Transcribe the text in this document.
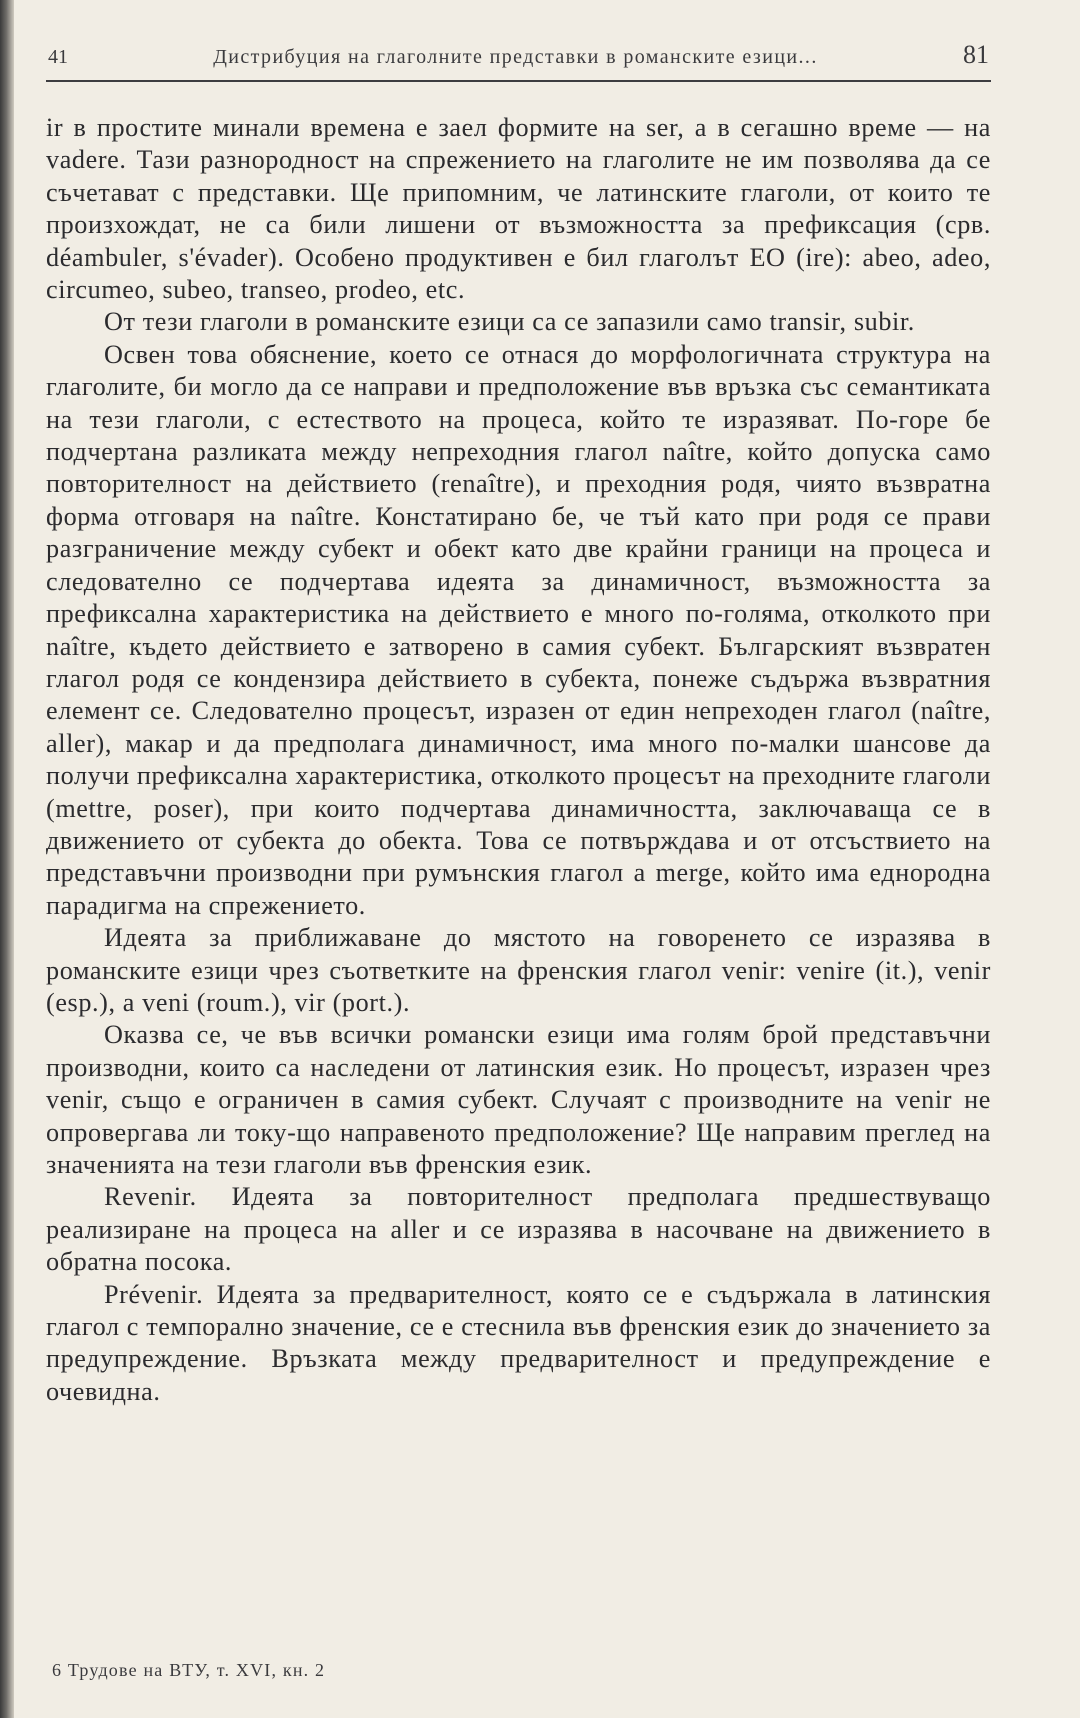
41	Дистрибуция на глаголните представки в романските езици...	81

ir в простите минали времена е заел формите на ser, а в сегашно време — на vadere. Тази разнородност на спрежението на глаголите не им позволява да се съчетават с представки. Ще припомним, че латинските глаголи, от които те произхождат, не са били лишени от възможността за префиксация (срв. déambuler, s'évader). Особено продуктивен е бил глаголът EO (ire): abeo, adeo, circumeo, subeo, transeo, prodeo, etc.

От тези глаголи в романските езици са се запазили само transir, subir.

Освен това обяснение, което се отнася до морфологичната структура на глаголите, би могло да се направи и предположение във връзка със семантиката на тези глаголи, с естеството на процеса, който те изразяват. По-горе бе подчертана разликата между непреходния глагол naître, който допуска само повторителност на действието (renaître), и преходния родя, чиято възвратна форма отговаря на naître. Констатирано бе, че тъй като при родя се прави разграничение между субект и обект като две крайни граници на процеса и следователно се подчертава идеята за динамичност, възможността за префиксална характеристика на действието е много по-голяма, отколкото при naître, където действието е затворено в самия субект. Българският възвратен глагол родя се кондензира действието в субекта, понеже съдържа възвратния елемент се. Следователно процесът, изразен от един непреходен глагол (naître, aller), макар и да предполага динамичност, има много по-малки шансове да получи префиксална характеристика, отколкото процесът на преходните глаголи (mettre, poser), при които подчертава динамичността, заключаваща се в движението от субекта до обекта. Това се потвърждава и от отсъствието на представъчни производни при румънския глагол a merge, който има еднородна парадигма на спрежението.

Идеята за приближаване до мястото на говоренето се изразява в романските езици чрез съответките на френския глагол venir: venire (it.), venir (esp.), a veni (roum.), vir (port.).

Оказва се, че във всички романски езици има голям брой представъчни производни, които са наследени от латинския език. Но процесът, изразен чрез venir, също е ограничен в самия субект. Случаят с производните на venir не опровергава ли току-що направеното предположение? Ще направим преглед на значенията на тези глаголи във френския език.

Revenir. Идеята за повторителност предполага предшествуващо реализиране на процеса на aller и се изразява в насочване на движението в обратна посока.

Prévenir. Идеята за предварителност, която се е съдържала в латинския глагол с темпорално значение, се е стеснила във френския език до значението за предупреждение. Връзката между предварителност и предупреждение е очевидна.

6 Трудове на ВТУ, т. XVI, кн. 2
